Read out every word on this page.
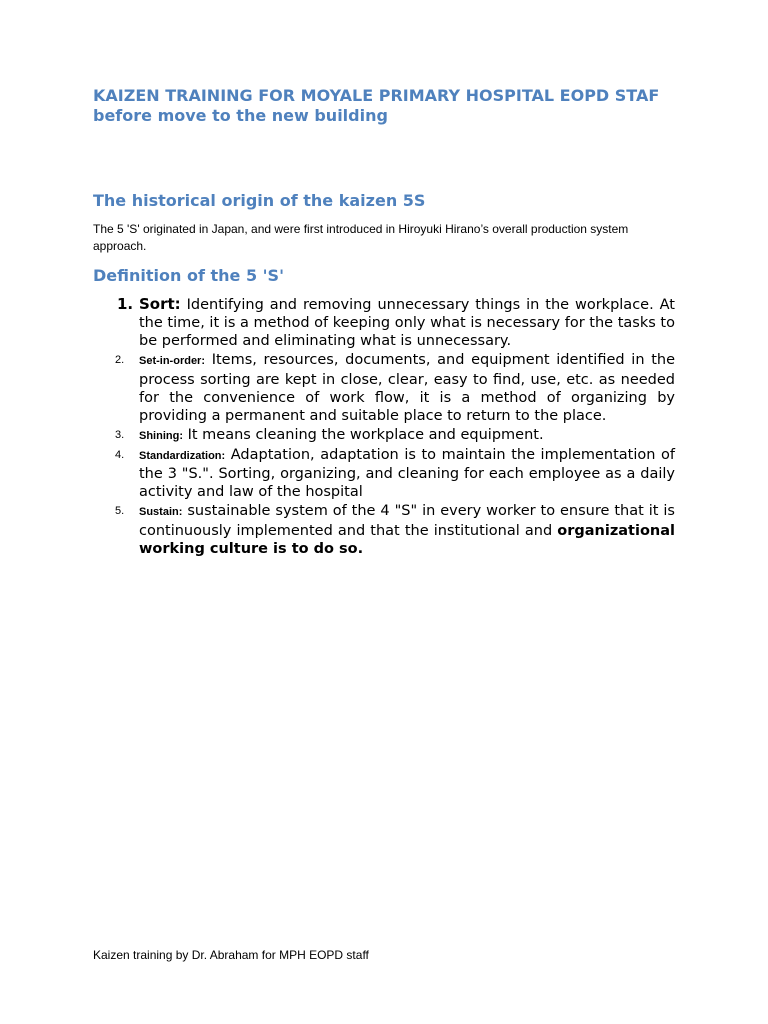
KAIZEN TRAINING FOR MOYALE PRIMARY HOSPITAL EOPD STAF before move to the new building
The historical origin of the kaizen 5S

The 5 'S' originated in Japan, and were first introduced in Hiroyuki Hirano’s overall production system approach.

Definition of the 5 'S'
1. Sort: Identifying and removing unnecessary things in the workplace. At the time, it is a method of keeping only what is necessary for the tasks to be performed and eliminating what is unnecessary.
2. Set-in-order: Items, resources, documents, and equipment identified in the process sorting are kept in close, clear, easy to find, use, etc. as needed for the convenience of work flow, it is a method of organizing by providing a permanent and suitable place to return to the place.
3. Shining: It means cleaning the workplace and equipment.
4. Standardization: Adaptation, adaptation is to maintain the implementation of the 3 "S.". Sorting, organizing, and cleaning for each employee as a daily activity and law of the hospital
5. Sustain: sustainable system of the 4 "S" in every worker to ensure that it is continuously implemented and that the institutional and organizational working culture is to do so.

Kaizen training by Dr. Abraham for MPH EOPD staff
